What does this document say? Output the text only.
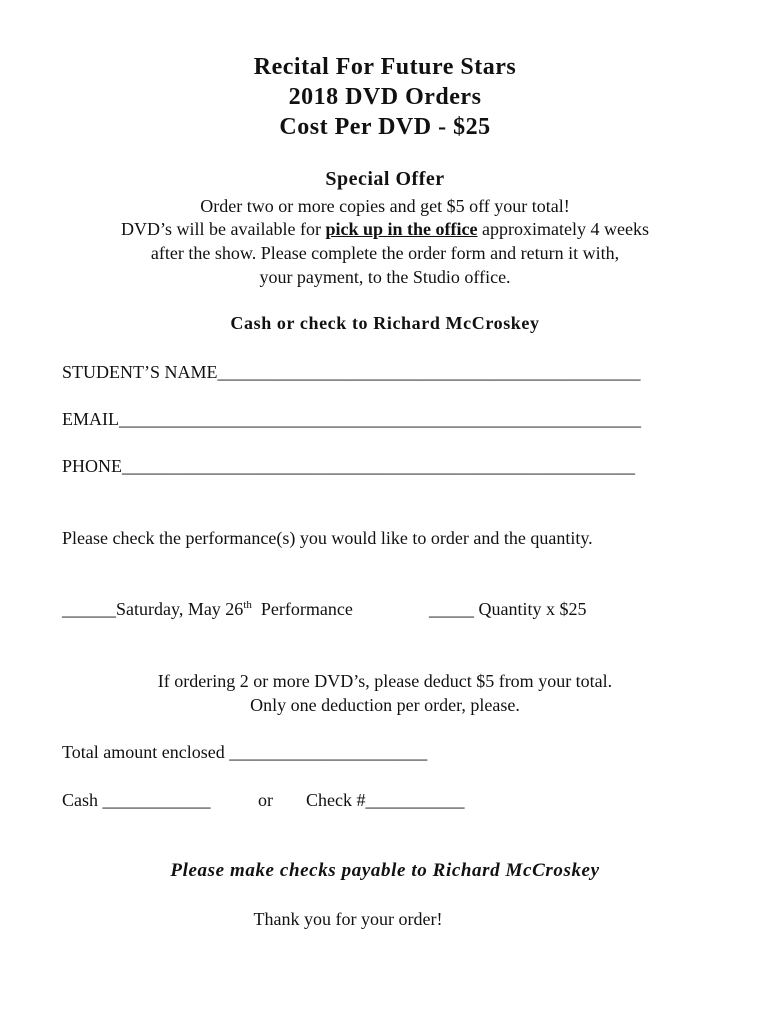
Recital For Future Stars
2018 DVD Orders
Cost Per DVD - $25
Special Offer
Order two or more copies and get $5 off your total!
DVD’s will be available for pick up in the office approximately 4 weeks
after the show. Please complete the order form and return it with,
your payment, to the Studio office.
Cash or check to Richard McCroskey
STUDENT’S NAME_______________________________________________
EMAIL__________________________________________________________
PHONE_________________________________________________________
Please check the performance(s) you would like to order and the quantity.
______Saturday, May 26th  Performance	_____ Quantity x $25
If ordering 2 or more DVD’s, please deduct $5 from your total.
Only one deduction per order, please.
Total amount enclosed ______________________
Cash ____________	or Check #___________
Please make checks payable to Richard McCroskey
Thank you for your order!
